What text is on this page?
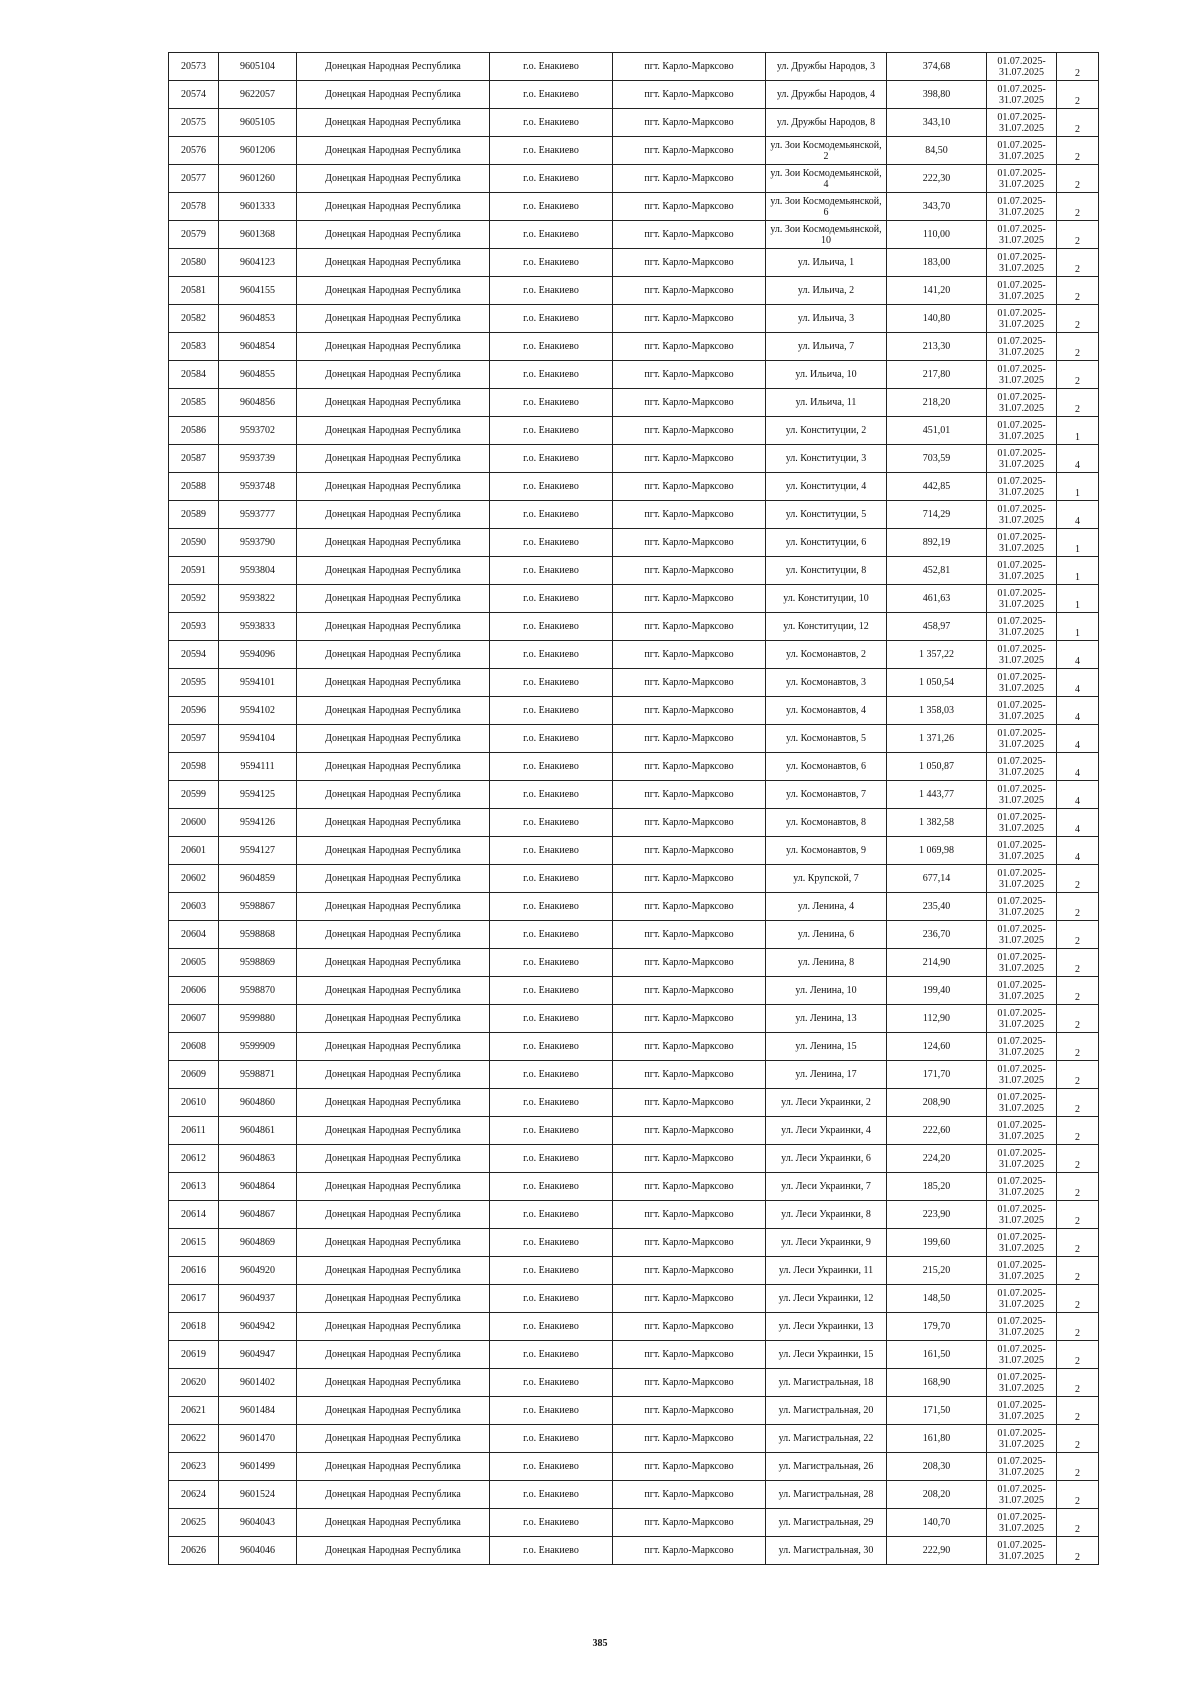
20573	9605104	Донецкая Народная Республика	г.о. Енакиево	пгт. Карло-Марксово	ул. Дружбы Народов, 3	374,68	01.07.2025-
31.07.2025	2
20574	9622057	Донецкая Народная Республика	г.о. Енакиево	пгт. Карло-Марксово	ул. Дружбы Народов, 4	398,80	01.07.2025-
31.07.2025	2
20575	9605105	Донецкая Народная Республика	г.о. Енакиево	пгт. Карло-Марксово	ул. Дружбы Народов, 8	343,10	01.07.2025-
31.07.2025	2
20576	9601206	Донецкая Народная Республика	г.о. Енакиево	пгт. Карло-Марксово	ул. Зои Космодемьянской, 2	84,50	01.07.2025-
31.07.2025	2
20577	9601260	Донецкая Народная Республика	г.о. Енакиево	пгт. Карло-Марксово	ул. Зои Космодемьянской, 4	222,30	01.07.2025-
31.07.2025	2
20578	9601333	Донецкая Народная Республика	г.о. Енакиево	пгт. Карло-Марксово	ул. Зои Космодемьянской, 6	343,70	01.07.2025-
31.07.2025	2
20579	9601368	Донецкая Народная Республика	г.о. Енакиево	пгт. Карло-Марксово	ул. Зои Космодемьянской, 10	110,00	01.07.2025-
31.07.2025	2
20580	9604123	Донецкая Народная Республика	г.о. Енакиево	пгт. Карло-Марксово	ул. Ильича, 1	183,00	01.07.2025-
31.07.2025	2
20581	9604155	Донецкая Народная Республика	г.о. Енакиево	пгт. Карло-Марксово	ул. Ильича, 2	141,20	01.07.2025-
31.07.2025	2
20582	9604853	Донецкая Народная Республика	г.о. Енакиево	пгт. Карло-Марксово	ул. Ильича, 3	140,80	01.07.2025-
31.07.2025	2
20583	9604854	Донецкая Народная Республика	г.о. Енакиево	пгт. Карло-Марксово	ул. Ильича, 7	213,30	01.07.2025-
31.07.2025	2
20584	9604855	Донецкая Народная Республика	г.о. Енакиево	пгт. Карло-Марксово	ул. Ильича, 10	217,80	01.07.2025-
31.07.2025	2
20585	9604856	Донецкая Народная Республика	г.о. Енакиево	пгт. Карло-Марксово	ул. Ильича, 11	218,20	01.07.2025-
31.07.2025	2
20586	9593702	Донецкая Народная Республика	г.о. Енакиево	пгт. Карло-Марксово	ул. Конституции, 2	451,01	01.07.2025-
31.07.2025	1
20587	9593739	Донецкая Народная Республика	г.о. Енакиево	пгт. Карло-Марксово	ул. Конституции, 3	703,59	01.07.2025-
31.07.2025	4
20588	9593748	Донецкая Народная Республика	г.о. Енакиево	пгт. Карло-Марксово	ул. Конституции, 4	442,85	01.07.2025-
31.07.2025	1
20589	9593777	Донецкая Народная Республика	г.о. Енакиево	пгт. Карло-Марксово	ул. Конституции, 5	714,29	01.07.2025-
31.07.2025	4
20590	9593790	Донецкая Народная Республика	г.о. Енакиево	пгт. Карло-Марксово	ул. Конституции, 6	892,19	01.07.2025-
31.07.2025	1
20591	9593804	Донецкая Народная Республика	г.о. Енакиево	пгт. Карло-Марксово	ул. Конституции, 8	452,81	01.07.2025-
31.07.2025	1
20592	9593822	Донецкая Народная Республика	г.о. Енакиево	пгт. Карло-Марксово	ул. Конституции, 10	461,63	01.07.2025-
31.07.2025	1
20593	9593833	Донецкая Народная Республика	г.о. Енакиево	пгт. Карло-Марксово	ул. Конституции, 12	458,97	01.07.2025-
31.07.2025	1
20594	9594096	Донецкая Народная Республика	г.о. Енакиево	пгт. Карло-Марксово	ул. Космонавтов, 2	1 357,22	01.07.2025-
31.07.2025	4
20595	9594101	Донецкая Народная Республика	г.о. Енакиево	пгт. Карло-Марксово	ул. Космонавтов, 3	1 050,54	01.07.2025-
31.07.2025	4
20596	9594102	Донецкая Народная Республика	г.о. Енакиево	пгт. Карло-Марксово	ул. Космонавтов, 4	1 358,03	01.07.2025-
31.07.2025	4
20597	9594104	Донецкая Народная Республика	г.о. Енакиево	пгт. Карло-Марксово	ул. Космонавтов, 5	1 371,26	01.07.2025-
31.07.2025	4
20598	9594111	Донецкая Народная Республика	г.о. Енакиево	пгт. Карло-Марксово	ул. Космонавтов, 6	1 050,87	01.07.2025-
31.07.2025	4
20599	9594125	Донецкая Народная Республика	г.о. Енакиево	пгт. Карло-Марксово	ул. Космонавтов, 7	1 443,77	01.07.2025-
31.07.2025	4
20600	9594126	Донецкая Народная Республика	г.о. Енакиево	пгт. Карло-Марксово	ул. Космонавтов, 8	1 382,58	01.07.2025-
31.07.2025	4
20601	9594127	Донецкая Народная Республика	г.о. Енакиево	пгт. Карло-Марксово	ул. Космонавтов, 9	1 069,98	01.07.2025-
31.07.2025	4
20602	9604859	Донецкая Народная Республика	г.о. Енакиево	пгт. Карло-Марксово	ул. Крупской, 7	677,14	01.07.2025-
31.07.2025	2
20603	9598867	Донецкая Народная Республика	г.о. Енакиево	пгт. Карло-Марксово	ул. Ленина, 4	235,40	01.07.2025-
31.07.2025	2
20604	9598868	Донецкая Народная Республика	г.о. Енакиево	пгт. Карло-Марксово	ул. Ленина, 6	236,70	01.07.2025-
31.07.2025	2
20605	9598869	Донецкая Народная Республика	г.о. Енакиево	пгт. Карло-Марксово	ул. Ленина, 8	214,90	01.07.2025-
31.07.2025	2
20606	9598870	Донецкая Народная Республика	г.о. Енакиево	пгт. Карло-Марксово	ул. Ленина, 10	199,40	01.07.2025-
31.07.2025	2
20607	9599880	Донецкая Народная Республика	г.о. Енакиево	пгт. Карло-Марксово	ул. Ленина, 13	112,90	01.07.2025-
31.07.2025	2
20608	9599909	Донецкая Народная Республика	г.о. Енакиево	пгт. Карло-Марксово	ул. Ленина, 15	124,60	01.07.2025-
31.07.2025	2
20609	9598871	Донецкая Народная Республика	г.о. Енакиево	пгт. Карло-Марксово	ул. Ленина, 17	171,70	01.07.2025-
31.07.2025	2
20610	9604860	Донецкая Народная Республика	г.о. Енакиево	пгт. Карло-Марксово	ул. Леси Украинки, 2	208,90	01.07.2025-
31.07.2025	2
20611	9604861	Донецкая Народная Республика	г.о. Енакиево	пгт. Карло-Марксово	ул. Леси Украинки, 4	222,60	01.07.2025-
31.07.2025	2
20612	9604863	Донецкая Народная Республика	г.о. Енакиево	пгт. Карло-Марксово	ул. Леси Украинки, 6	224,20	01.07.2025-
31.07.2025	2
20613	9604864	Донецкая Народная Республика	г.о. Енакиево	пгт. Карло-Марксово	ул. Леси Украинки, 7	185,20	01.07.2025-
31.07.2025	2
20614	9604867	Донецкая Народная Республика	г.о. Енакиево	пгт. Карло-Марксово	ул. Леси Украинки, 8	223,90	01.07.2025-
31.07.2025	2
20615	9604869	Донецкая Народная Республика	г.о. Енакиево	пгт. Карло-Марксово	ул. Леси Украинки, 9	199,60	01.07.2025-
31.07.2025	2
20616	9604920	Донецкая Народная Республика	г.о. Енакиево	пгт. Карло-Марксово	ул. Леси Украинки, 11	215,20	01.07.2025-
31.07.2025	2
20617	9604937	Донецкая Народная Республика	г.о. Енакиево	пгт. Карло-Марксово	ул. Леси Украинки, 12	148,50	01.07.2025-
31.07.2025	2
20618	9604942	Донецкая Народная Республика	г.о. Енакиево	пгт. Карло-Марксово	ул. Леси Украинки, 13	179,70	01.07.2025-
31.07.2025	2
20619	9604947	Донецкая Народная Республика	г.о. Енакиево	пгт. Карло-Марксово	ул. Леси Украинки, 15	161,50	01.07.2025-
31.07.2025	2
20620	9601402	Донецкая Народная Республика	г.о. Енакиево	пгт. Карло-Марксово	ул. Магистральная, 18	168,90	01.07.2025-
31.07.2025	2
20621	9601484	Донецкая Народная Республика	г.о. Енакиево	пгт. Карло-Марксово	ул. Магистральная, 20	171,50	01.07.2025-
31.07.2025	2
20622	9601470	Донецкая Народная Республика	г.о. Енакиево	пгт. Карло-Марксово	ул. Магистральная, 22	161,80	01.07.2025-
31.07.2025	2
20623	9601499	Донецкая Народная Республика	г.о. Енакиево	пгт. Карло-Марксово	ул. Магистральная, 26	208,30	01.07.2025-
31.07.2025	2
20624	9601524	Донецкая Народная Республика	г.о. Енакиево	пгт. Карло-Марксово	ул. Магистральная, 28	208,20	01.07.2025-
31.07.2025	2
20625	9604043	Донецкая Народная Республика	г.о. Енакиево	пгт. Карло-Марксово	ул. Магистральная, 29	140,70	01.07.2025-
31.07.2025	2
20626	9604046	Донецкая Народная Республика	г.о. Енакиево	пгт. Карло-Марксово	ул. Магистральная, 30	222,90	01.07.2025-
31.07.2025	2
385
